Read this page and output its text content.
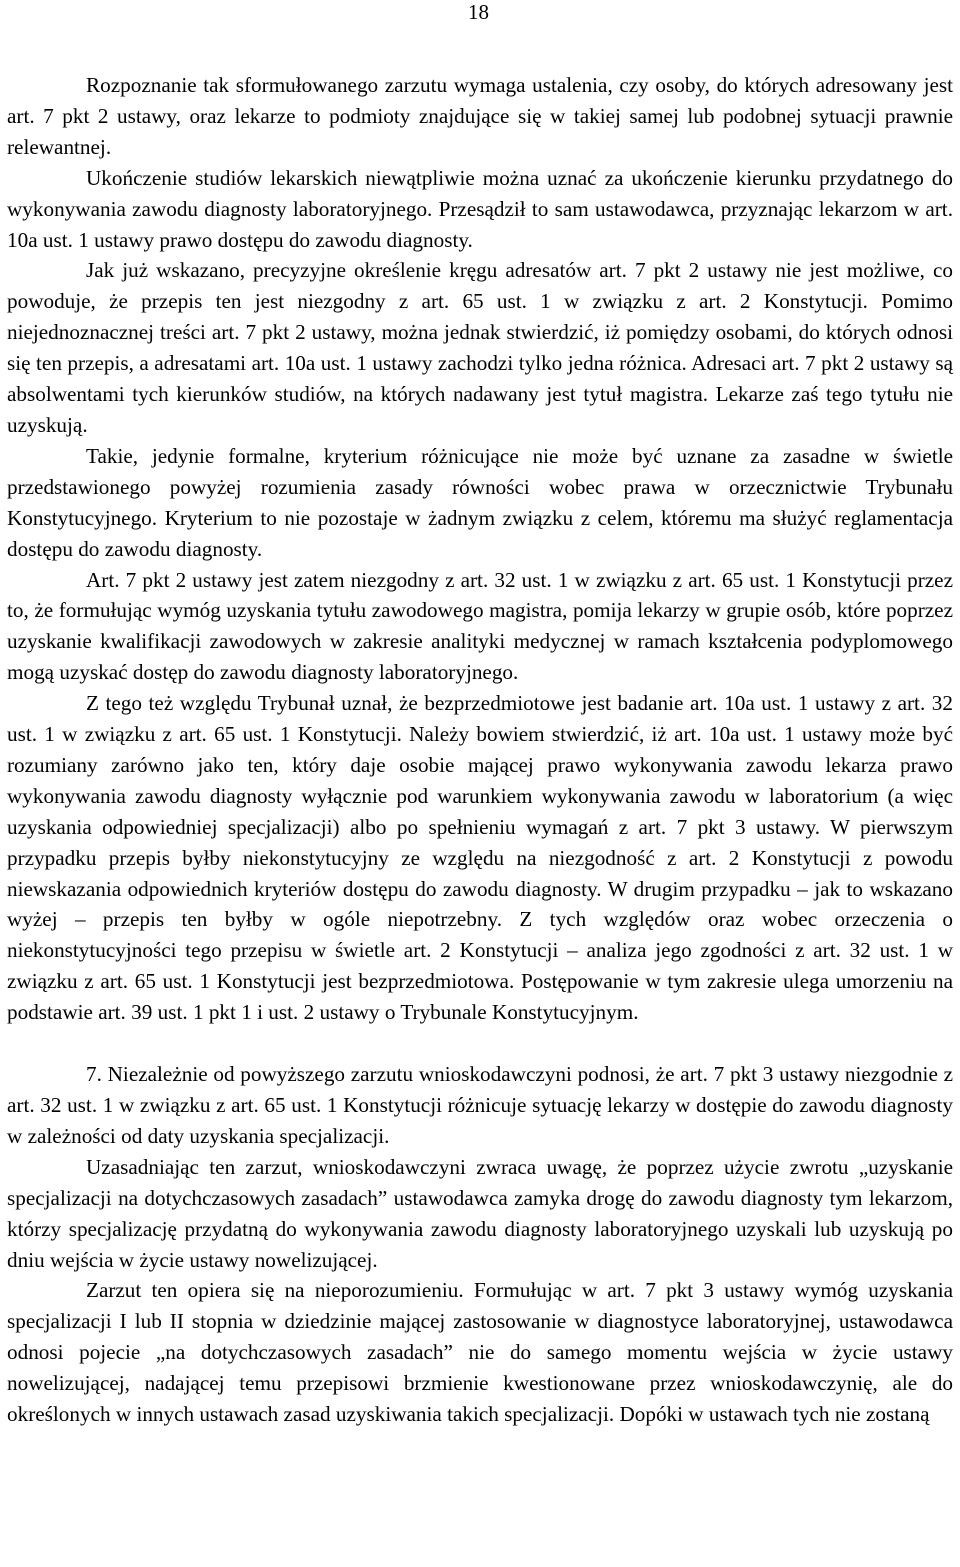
18

Rozpoznanie tak sformułowanego zarzutu wymaga ustalenia, czy osoby, do których adresowany jest art. 7 pkt 2 ustawy, oraz lekarze to podmioty znajdujące się w takiej samej lub podobnej sytuacji prawnie relewantnej.

Ukończenie studiów lekarskich niewątpliwie można uznać za ukończenie kierunku przydatnego do wykonywania zawodu diagnosty laboratoryjnego. Przesądził to sam ustawodawca, przyznając lekarzom w art. 10a ust. 1 ustawy prawo dostępu do zawodu diagnosty.

Jak już wskazano, precyzyjne określenie kręgu adresatów art. 7 pkt 2 ustawy nie jest możliwe, co powoduje, że przepis ten jest niezgodny z art. 65 ust. 1 w związku z art. 2 Konstytucji. Pomimo niejednoznacznej treści art. 7 pkt 2 ustawy, można jednak stwierdzić, iż pomiędzy osobami, do których odnosi się ten przepis, a adresatami art. 10a ust. 1 ustawy zachodzi tylko jedna różnica. Adresaci art. 7 pkt 2 ustawy są absolwentami tych kierunków studiów, na których nadawany jest tytuł magistra. Lekarze zaś tego tytułu nie uzyskują.

Takie, jedynie formalne, kryterium różnicujące nie może być uznane za zasadne w świetle przedstawionego powyżej rozumienia zasady równości wobec prawa w orzecznictwie Trybunału Konstytucyjnego. Kryterium to nie pozostaje w żadnym związku z celem, któremu ma służyć reglamentacja dostępu do zawodu diagnosty.

Art. 7 pkt 2 ustawy jest zatem niezgodny z art. 32 ust. 1 w związku z art. 65 ust. 1 Konstytucji przez to, że formułując wymóg uzyskania tytułu zawodowego magistra, pomija lekarzy w grupie osób, które poprzez uzyskanie kwalifikacji zawodowych w zakresie analityki medycznej w ramach kształcenia podyplomowego mogą uzyskać dostęp do zawodu diagnosty laboratoryjnego.

Z tego też względu Trybunał uznał, że bezprzedmiotowe jest badanie art. 10a ust. 1 ustawy z art. 32 ust. 1 w związku z art. 65 ust. 1 Konstytucji. Należy bowiem stwierdzić, iż art. 10a ust. 1 ustawy może być rozumiany zarówno jako ten, który daje osobie mającej prawo wykonywania zawodu lekarza prawo wykonywania zawodu diagnosty wyłącznie pod warunkiem wykonywania zawodu w laboratorium (a więc uzyskania odpowiedniej specjalizacji) albo po spełnieniu wymagań z art. 7 pkt 3 ustawy. W pierwszym przypadku przepis byłby niekonstytucyjny ze względu na niezgodność z art. 2 Konstytucji z powodu niewskazania odpowiednich kryteriów dostępu do zawodu diagnosty. W drugim przypadku – jak to wskazano wyżej – przepis ten byłby w ogóle niepotrzebny. Z tych względów oraz wobec orzeczenia o niekonstytucyjności tego przepisu w świetle art. 2 Konstytucji – analiza jego zgodności z art. 32 ust. 1 w związku z art. 65 ust. 1 Konstytucji jest bezprzedmiotowa. Postępowanie w tym zakresie ulega umorzeniu na podstawie art. 39 ust. 1 pkt 1 i ust. 2 ustawy o Trybunale Konstytucyjnym.

7. Niezależnie od powyższego zarzutu wnioskodawczyni podnosi, że art. 7 pkt 3 ustawy niezgodnie z art. 32 ust. 1 w związku z art. 65 ust. 1 Konstytucji różnicuje sytuację lekarzy w dostępie do zawodu diagnosty w zależności od daty uzyskania specjalizacji.

Uzasadniając ten zarzut, wnioskodawczyni zwraca uwagę, że poprzez użycie zwrotu „uzyskanie specjalizacji na dotychczasowych zasadach” ustawodawca zamyka drogę do zawodu diagnosty tym lekarzom, którzy specjalizację przydatną do wykonywania zawodu diagnosty laboratoryjnego uzyskali lub uzyskują po dniu wejścia w życie ustawy nowelizującej.

Zarzut ten opiera się na nieporozumieniu. Formułując w art. 7 pkt 3 ustawy wymóg uzyskania specjalizacji I lub II stopnia w dziedzinie mającej zastosowanie w diagnostyce laboratoryjnej, ustawodawca odnosi pojecie „na dotychczasowych zasadach” nie do samego momentu wejścia w życie ustawy nowelizującej, nadającej temu przepisowi brzmienie kwestionowane przez wnioskodawczynię, ale do określonych w innych ustawach zasad uzyskiwania takich specjalizacji. Dopóki w ustawach tych nie zostaną
